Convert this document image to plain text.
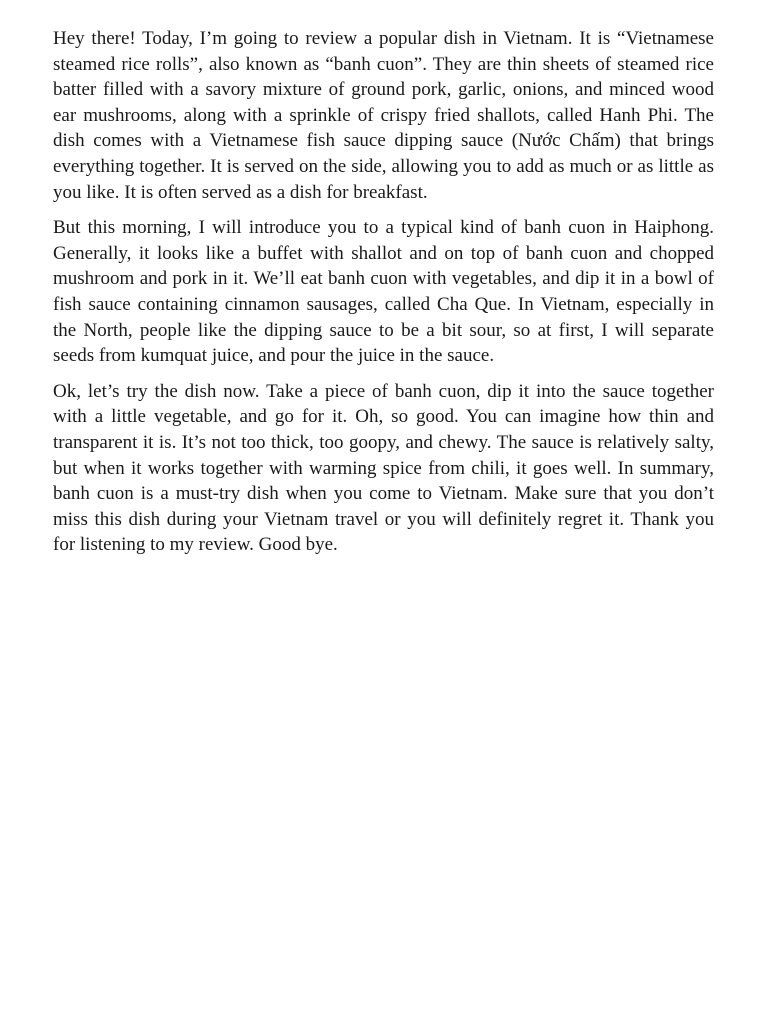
Hey there! Today, I’m going to review a popular dish in Vietnam. It is “Vietnamese steamed rice rolls”, also known as “banh cuon”. They are thin sheets of steamed rice batter filled with a savory mixture of ground pork, garlic, onions, and minced wood ear mushrooms, along with a sprinkle of crispy fried shallots, called Hanh Phi. The dish comes with a Vietnamese fish sauce dipping sauce (Nước Chấm) that brings everything together. It is served on the side, allowing you to add as much or as little as you like. It is often served as a dish for breakfast.

But this morning, I will introduce you to a typical kind of banh cuon in Haiphong. Generally, it looks like a buffet with shallot and on top of banh cuon and chopped mushroom and pork in it. We’ll eat banh cuon with vegetables, and dip it in a bowl of fish sauce containing cinnamon sausages, called Cha Que. In Vietnam, especially in the North, people like the dipping sauce to be a bit sour, so at first, I will separate seeds from kumquat juice, and pour the juice in the sauce.

Ok, let’s try the dish now. Take a piece of banh cuon, dip it into the sauce together with a little vegetable, and go for it. Oh, so good. You can imagine how thin and transparent it is. It’s not too thick, too goopy, and chewy. The sauce is relatively salty, but when it works together with warming spice from chili, it goes well. In summary, banh cuon is a must-try dish when you come to Vietnam. Make sure that you don’t miss this dish during your Vietnam travel or you will definitely regret it. Thank you for listening to my review. Good bye.
